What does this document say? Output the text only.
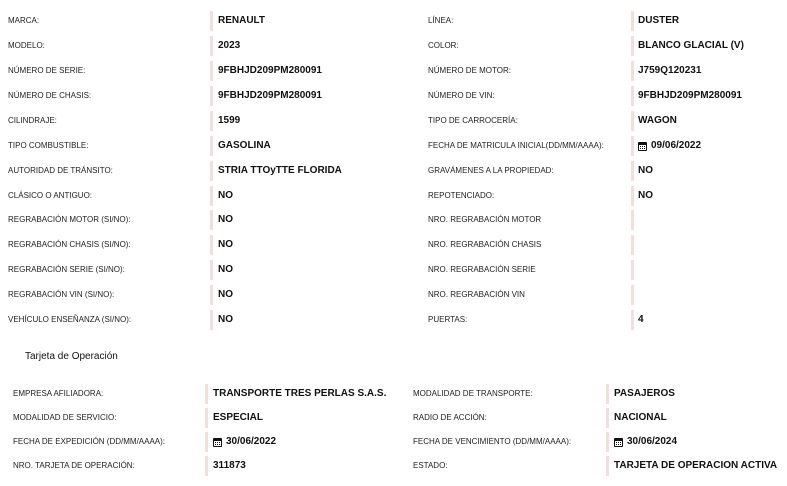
MARCA:	RENAULT	LÍNEA:	DUSTER
MODELO:	2023	COLOR:	BLANCO GLACIAL (V)
NÚMERO DE SERIE:	9FBHJD209PM280091	NÚMERO DE MOTOR:	J759Q120231
NÚMERO DE CHASIS:	9FBHJD209PM280091	NÚMERO DE VIN:	9FBHJD209PM280091
CILINDRAJE:	1599	TIPO DE CARROCERÍA:	WAGON
TIPO COMBUSTIBLE:	GASOLINA	FECHA DE MATRICULA INICIAL(DD/MM/AAAA):	09/06/2022
AUTORIDAD DE TRÁNSITO:	STRIA TTOyTTE FLORIDA	GRAVÁMENES A LA PROPIEDAD:	NO
CLÁSICO O ANTIGUO:	NO	REPOTENCIADO:	NO
REGRABACIÓN MOTOR (SI/NO):	NO	NRO. REGRABACIÓN MOTOR
REGRABACIÓN CHASIS (SI/NO):	NO	NRO. REGRABACIÓN CHASIS
REGRABACIÓN SERIE (SI/NO):	NO	NRO. REGRABACIÓN SERIE
REGRABACIÓN VIN (SI/NO):	NO	NRO. REGRABACIÓN VIN
VEHÍCULO ENSEÑANZA (SI/NO):	NO	PUERTAS:	4
Tarjeta de Operación
EMPRESA AFILIADORA:	TRANSPORTE TRES PERLAS S.A.S.	MODALIDAD DE TRANSPORTE:	PASAJEROS
MODALIDAD DE SERVICIO:	ESPECIAL	RADIO DE ACCIÓN:	NACIONAL
FECHA DE EXPEDICIÓN (DD/MM/AAAA):	30/06/2022	FECHA DE VENCIMIENTO (DD/MM/AAAA):	30/06/2024
NRO. TARJETA DE OPERACIÓN:	311873	ESTADO:	TARJETA DE OPERACION ACTIVA
